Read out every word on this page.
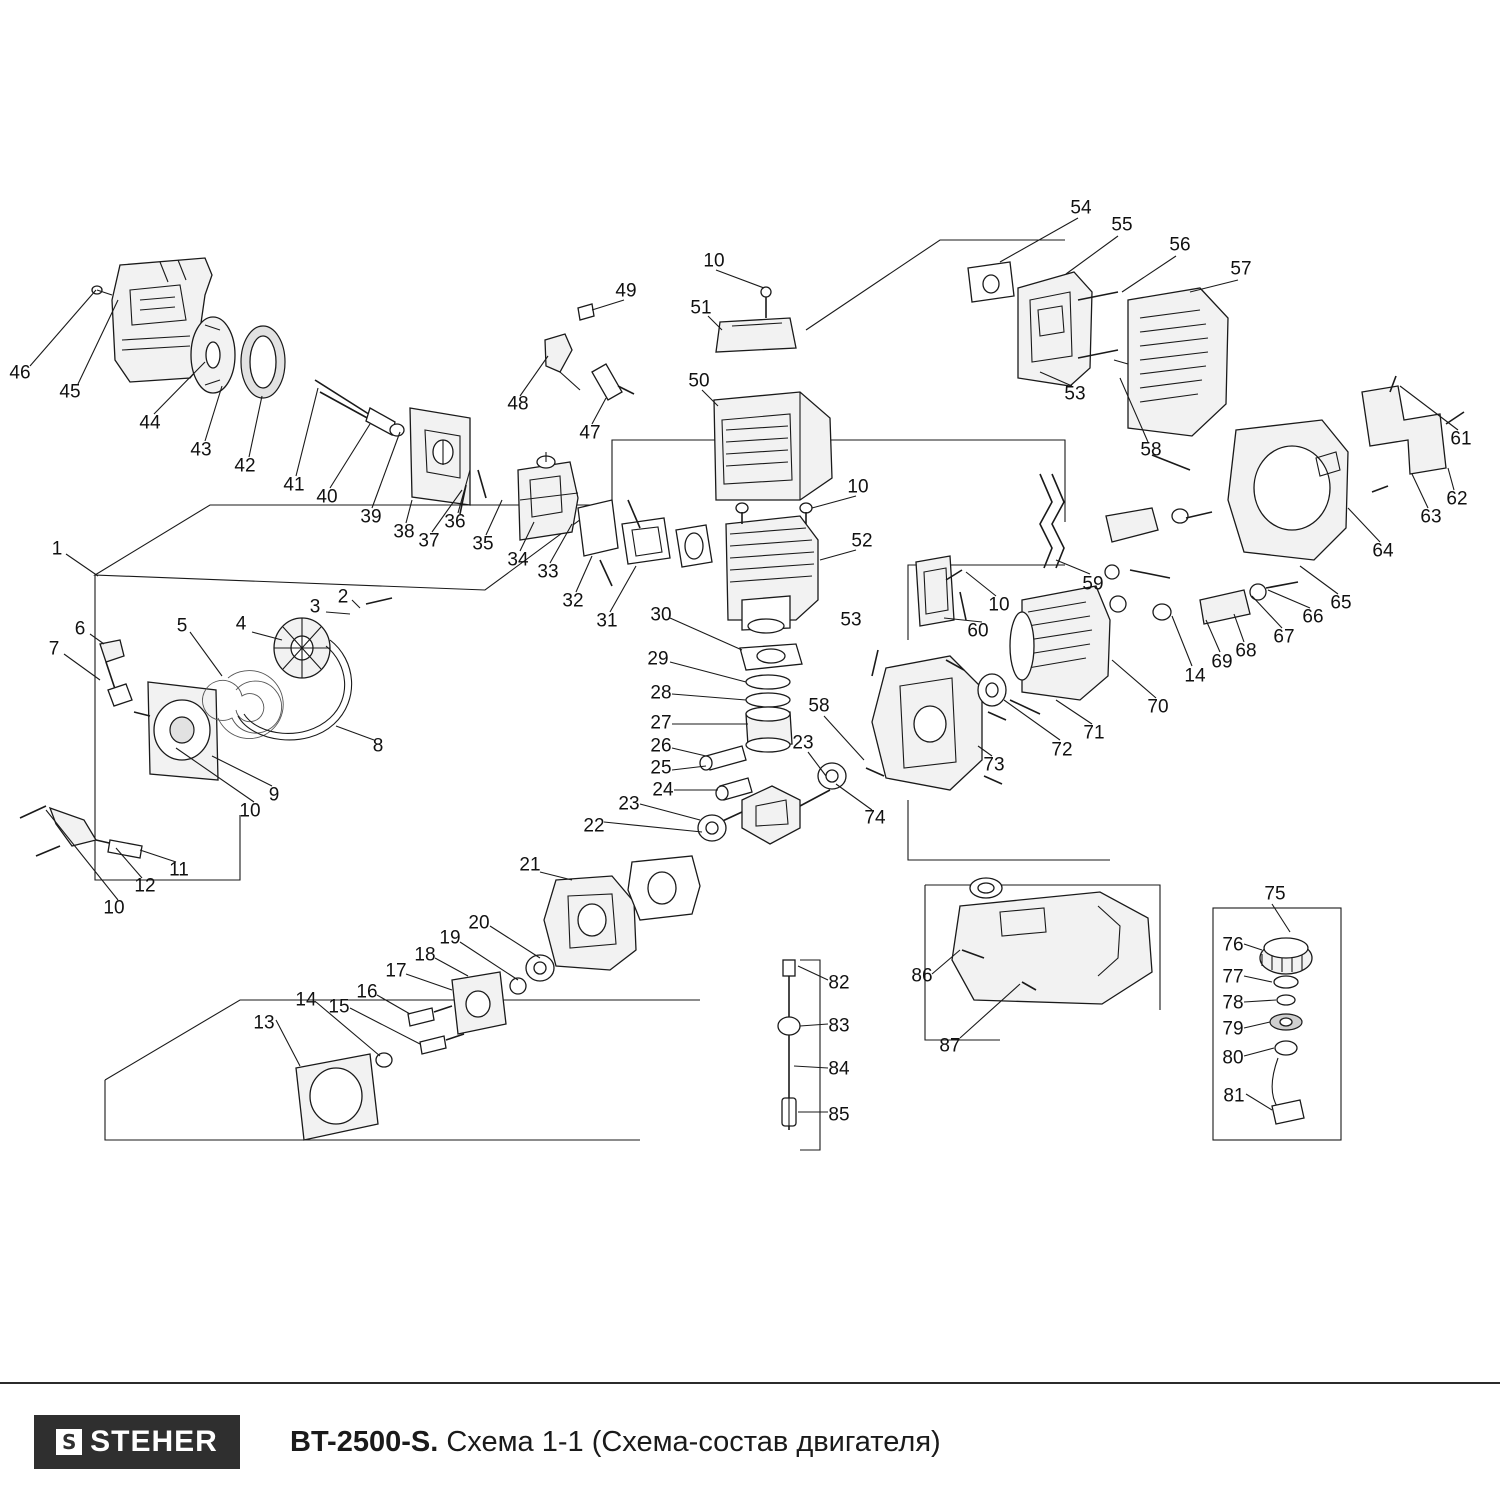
1
2
3
4
5
6
7
8
9
10
11
12
10
13
14 15
16
17
18
19
20
21
22
23
24
25
26
27
28
29
30
31
32
33
34
35
36
37
38
39
40
41
42
43
44
45
46
47
48
49
50
51
52
53
10
10
54
55
56
57
53
58
59
60
10
61
62
63
64
65
66
67
68
69
14
70
71
72
73
74
58
23
75
76
77
78
79
80
81
82
83
84
85
86
87
S STEHER BT-2500-S. Схема 1-1 (Схема-состав двигателя)
